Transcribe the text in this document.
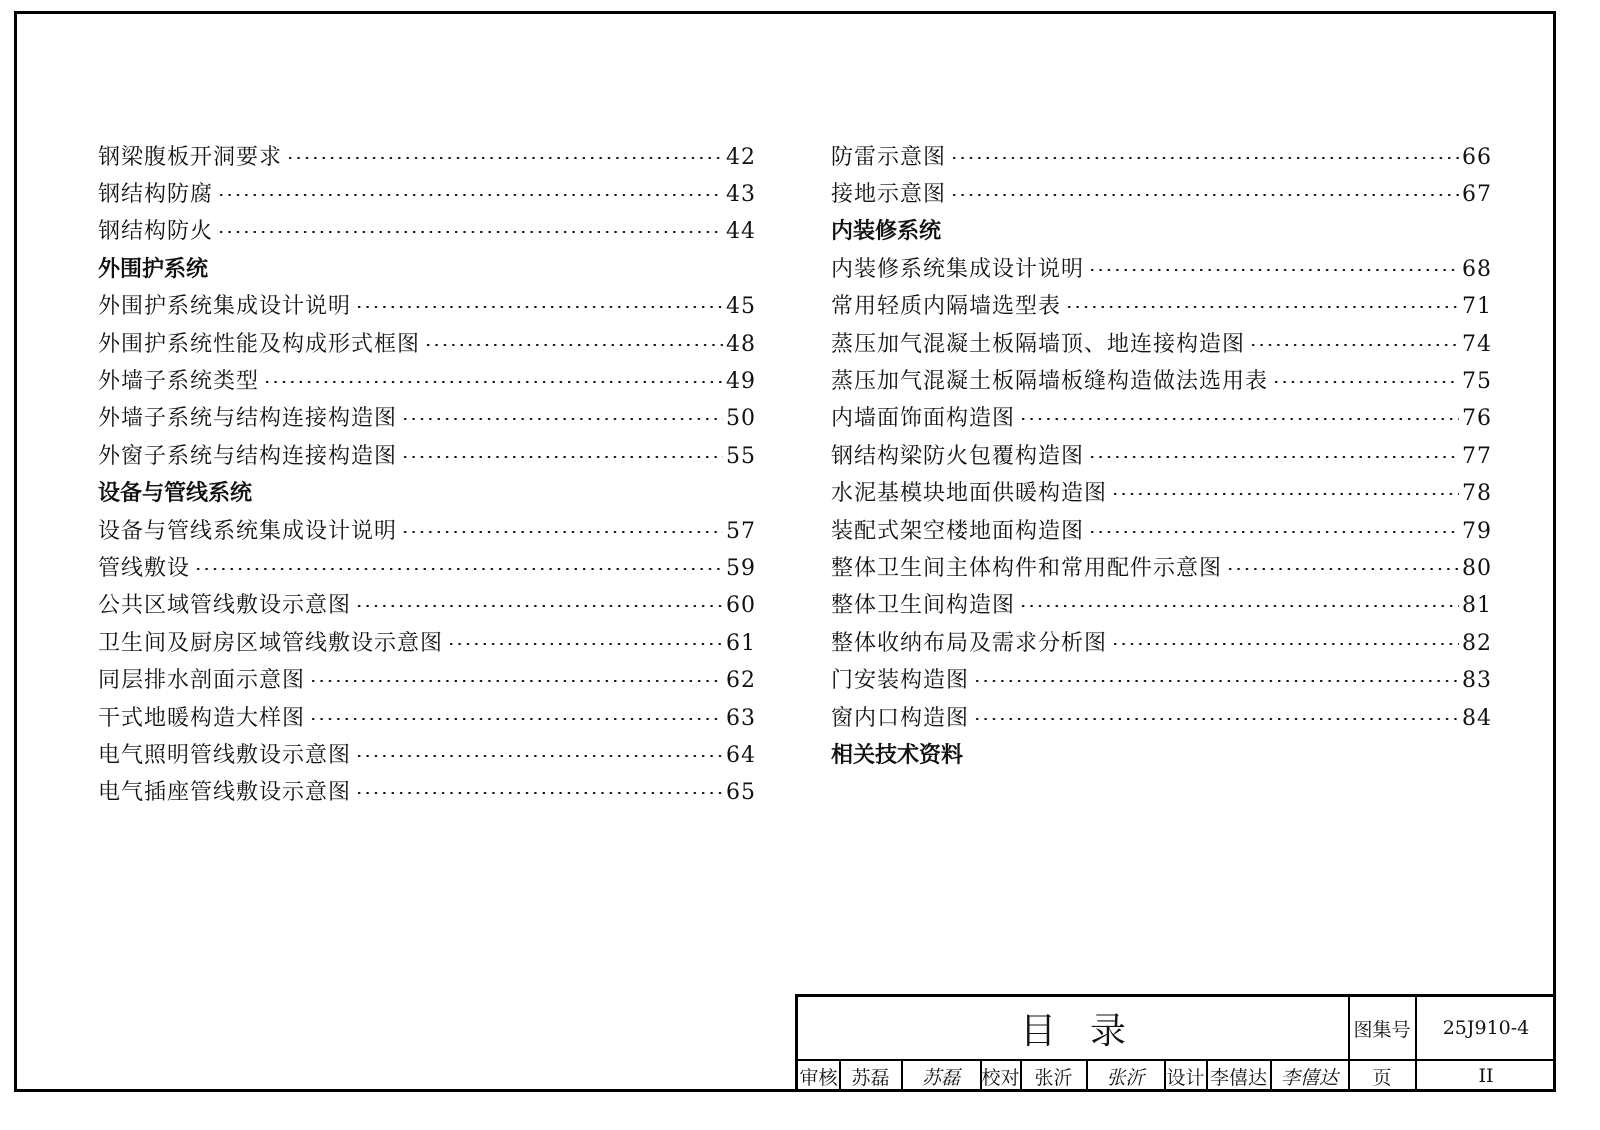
钢梁腹板开洞要求	42
钢结构防腐	43
钢结构防火	44
外围护系统
外围护系统集成设计说明	45
外围护系统性能及构成形式框图	48
外墙子系统类型	49
外墙子系统与结构连接构造图	50
外窗子系统与结构连接构造图	55
设备与管线系统
设备与管线系统集成设计说明	57
管线敷设	59
公共区域管线敷设示意图	60
卫生间及厨房区域管线敷设示意图	61
同层排水剖面示意图	62
干式地暖构造大样图	63
电气照明管线敷设示意图	64
电气插座管线敷设示意图	65
防雷示意图	66
接地示意图	67
内装修系统
内装修系统集成设计说明	68
常用轻质内隔墙选型表	71
蒸压加气混凝土板隔墙顶、地连接构造图	74
蒸压加气混凝土板隔墙板缝构造做法选用表	75
内墙面饰面构造图	76
钢结构梁防火包覆构造图	77
水泥基模块地面供暖构造图	78
装配式架空楼地面构造图	79
整体卫生间主体构件和常用配件示意图	80
整体卫生间构造图	81
整体收纳布局及需求分析图	82
门安装构造图	83
窗内口构造图	84
相关技术资料
目录	图集号	25J910-4
审核 苏磊	苏磊	校对 张沂	张沂	设计 李僖达 李僖达	页	II
